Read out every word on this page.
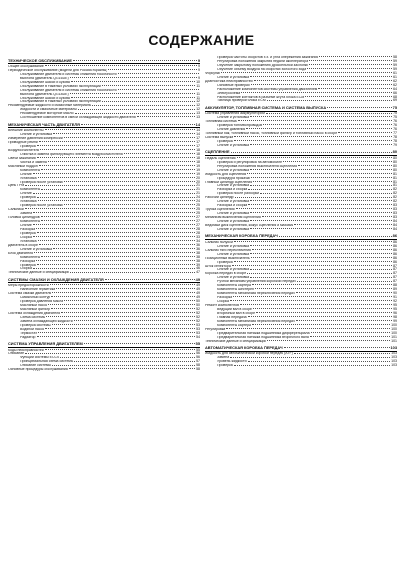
СОДЕРЖАНИЕ
ТЕХНИЧЕСКОЕ ОБСЛУЖИВАНИЕ	9
Общее обслуживание	9
Периодическое обслуживание (модели для России/Украины)	9
Обслуживание двигателя и системы снижения токсичности
выхлопа (двигатель QG16DE)	9
Обслуживание шасси и кузова	10
Обслуживание в тяжелых условиях эксплуатации	11
Обслуживание двигателя и системы снижения токсичности
выхлопа (двигатель QG18DE)	11
Обслуживание шасси и кузова	11
Обслуживание в тяжелых условиях эксплуатации	12
Рекомендуемые жидкости и смазочные материалы	12
Жидкости и смазочные материалы	12
Рекомендуемое моторное масло	13
Соотношение компонентов в смеси охлаждающей жидкости двигателя	13
МЕХАНИЧЕСКАЯ ЧАСТЬ ДВИГАТЕЛЯ	14
Внешние компоненты	14
Снятие и установка	14
Измерение давления компрессии	17
Приводные ремни	17
Проверка	17
Воздухоочиститель	18
Очистка и замена фильтрующего элемента воздухоочистителя	18
Свечи зажигания	18
Чистка и замена	18
Масляный поддон	19
Компоненты	19
Снятие	19
Установка	20
Проверка после установки	20
Цепь ГРМ	21
Компоненты	21
Снятие	21
Проверка	24
Установка	24
Проверка после установки	25
Сальники	25
Замена	25
Головка цилиндров	27
Компоненты	27
Снятие	27
Разборка	28
Проверка	28
Сборка	33
Установка	34
Двигатель в сборе	36
Снятие и установка	36
Блок двигателя	38
Компоненты	38
Разборка	38
Проверка	39
Сборка	46
Технические данные и спецификации	47
СИСТЕМЫ СМАЗКИ И ОХЛАЖДЕНИЯ ДВИГАТЕЛЯ	49
Меры предосторожности	49
Нанесение герметика	49
Система смазки двигателя	49
Смазочный контур	49
Проверка давления масла	50
Масляный насос	50
Масляный фильтр	52
Система охлаждения двигателя	52
Схема системы	52
Замена охлаждающей жидкости	52
Проверка системы	53
Водяной насос	53
Термостат	53
Радиатор	54
СИСТЕМА УПРАВЛЕНИЯ ДВИГАТЕЛЕМ	55
Коды неисправностей	55
Описание	56
Функции системы ECCS	56
Принципиальная схема системы	57
Описание системы	58
Основные процедуры обслуживания	58
Проверка частоты оборотов х.х. и угла опережения зажигания	58
Регулировка положения закрытия педали акселератора	59
Обучение закрытому положению дроссельной заслонки	59
Обучение объёму воздуха на оборотах холостого хода	59
Форсунки	61
Снятие и установка	61
Диагностика неисправностей	62
Основные проверки	62
Расположение компонентов системы управления двигателем	64
Электросхема	66
Расположение контактов в разъеме жгута блока ECM	68
Таблица проверки блока ECM	69
АККУМУЛЯТОР, ТОПЛИВНАЯ СИСТЕМА И СИСТЕМА ВЫПУСКА	75
Система управления аккумулятором	75
Снятие и установка	75
Топливная система	76
Проверка топливопроводов	76
Снятие давления	76
Топливный бак, топливный насос, топливный фильтр и топливный насос в сборе	77
Система выпуска	78
Проверка	78
Снятие и установка	79
СЦЕПЛЕНИЕ	80
Педаль сцепления	80
Проверка и регулировка на автомобиле	80
Регулировка положения выключателя сцепления	80
Снятие и установка	80
Жидкость для сцепления	81
Процедура прокачки	81
Главный цилиндр сцепления	81
Снятие и установка	81
Разборка и сборка	82
Проверка после разборки	82
Рабочий цилиндр	82
Снятие и установка	82
Разборка и сборка	83
Трубка сцепления	83
Снятие и установка	83
Механизм выключения сцепления	83
Снятие и установка	84
Ведомый диск сцепления, кожух сцепления и маховик	84
Снятие и установка	84
МЕХАНИЧЕСКАЯ КОРОБКА ПЕРЕДАЧ	86
Сальник полуоси	86
Снятие и установка	86
Сальник тяги переключения	86
Снятие и установка	86
Позиционный выключатель	86
Проверка	86
Шток селектора	87
Снятие и установка	87
Коробка передач в сборе	87
Снятие и установка	87
Ручной механизм управления коробкой передач	87
Компоненты картера	88
Компоненты шестерен	89
Компоненты механизма переключения передач	90
Разборка	91
Сборка	92
Ремонт компонентов	95
Ведущий вал в сборе	95
Вторичный вал в сборе	96
Главная передача	98
Компоненты механизма переключения передач	99
Компоненты картера	100
Регулировка	100
Предварительная натяжка подшипника дифференциала	100
Предварительная натяжка подшипника вторичного вала	101
Технические данные и спецификации	101
АВТОМАТИЧЕСКАЯ КОРОБКА ПЕРЕДАЧ	103
Жидкость для автоматической коробки передач (ATF)	103
Замена	103
Уровень жидкости	103
Проверка	103
